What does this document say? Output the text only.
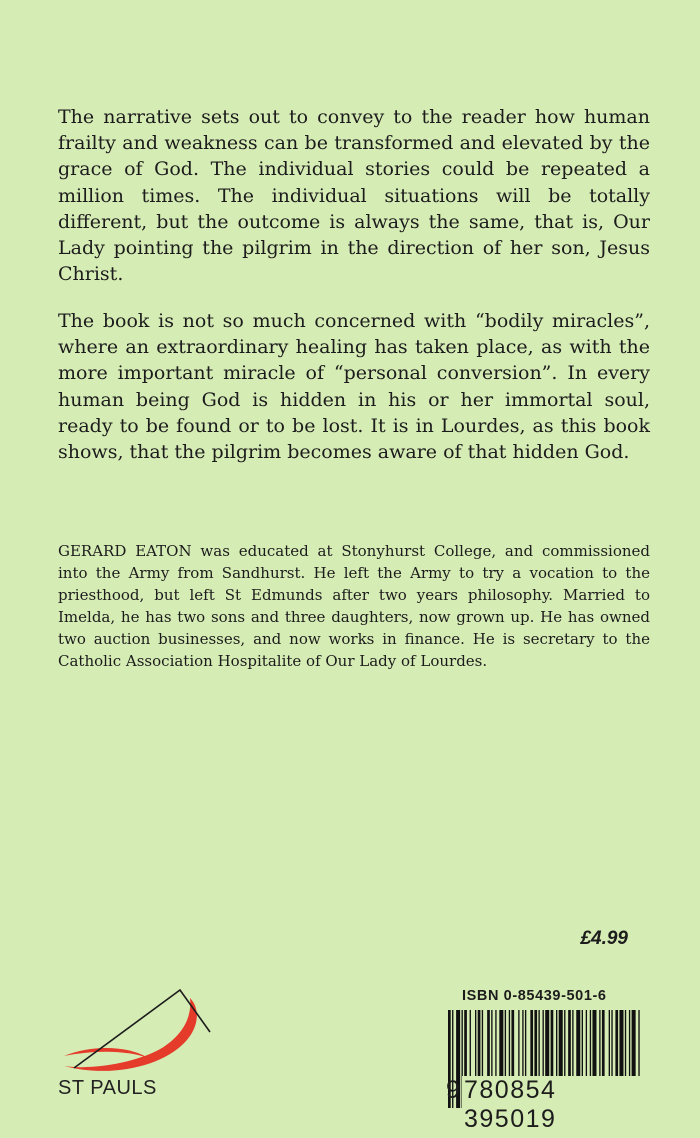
The narrative sets out to convey to the reader how human frailty and weakness can be transformed and elevated by the grace of God. The individual stories could be repeated a million times. The individual situations will be totally different, but the outcome is always the same, that is, Our Lady pointing the pilgrim in the direction of her son, Jesus Christ.

The book is not so much concerned with “bodily miracles”, where an extraordinary healing has taken place, as with the more important miracle of “personal conversion”. In every human being God is hidden in his or her immortal soul, ready to be found or to be lost. It is in Lourdes, as this book shows, that the pilgrim becomes aware of that hidden God.

GERARD EATON was educated at Stonyhurst College, and commissioned into the Army from Sandhurst. He left the Army to try a vocation to the priesthood, but left St Edmunds after two years philosophy. Married to Imelda, he has two sons and three daughters, now grown up. He has owned two auction businesses, and now works in finance. He is secretary to the Catholic Association Hospitalite of Our Lady of Lourdes.

£4.99
ISBN 0-85439-501-6
9 780854 395019
ST PAULS
